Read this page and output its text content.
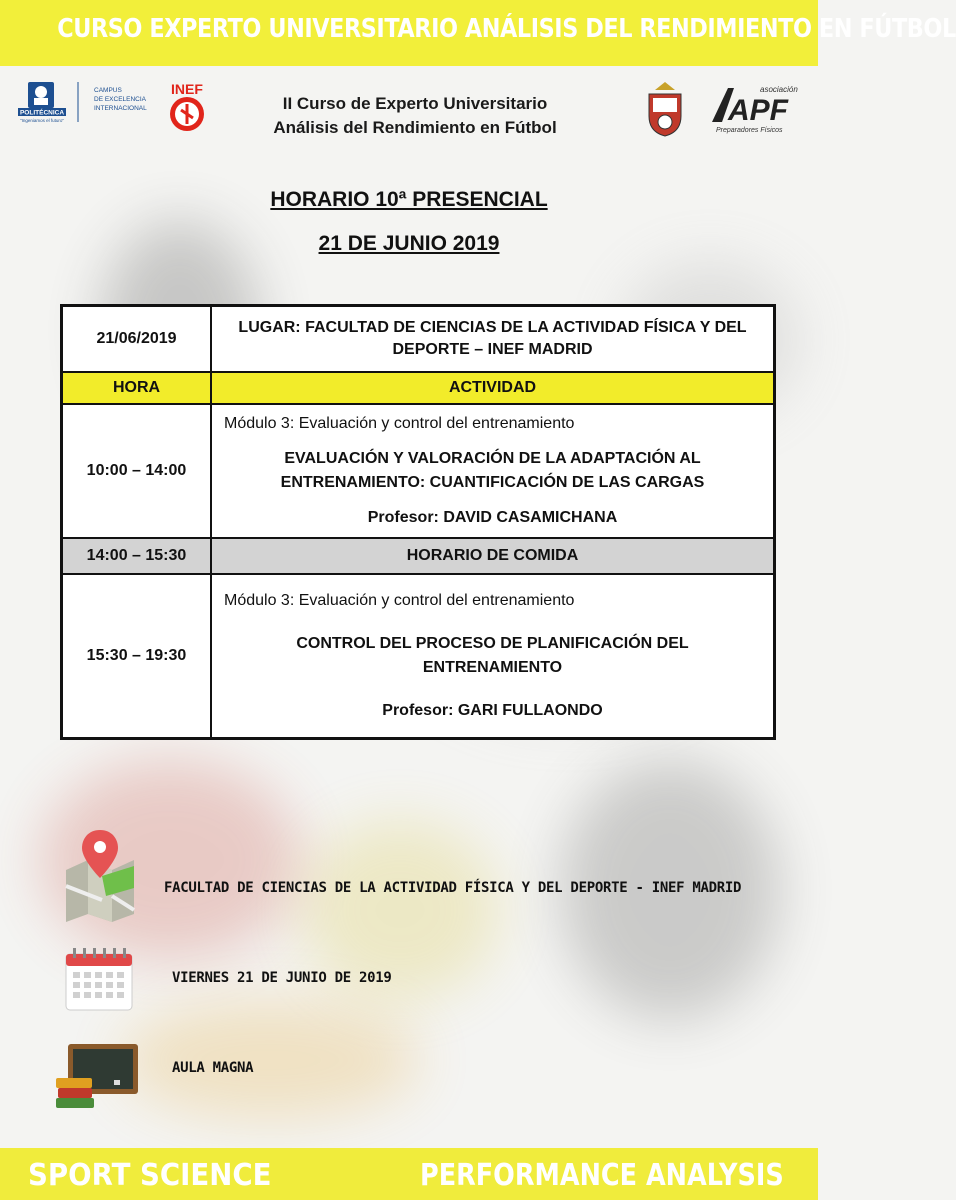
CURSO EXPERTO UNIVERSITARIO ANÁLISIS DEL RENDIMIENTO EN FÚTBOL
POLITÉCNICA
"Ingeniamos el futuro"
CAMPUS
DE EXCELENCIA
INTERNACIONAL
INEF
II Curso de Experto Universitario
Análisis del Rendimiento en Fútbol
asociación
APF
Preparadores Físicos
HORARIO 10ª PRESENCIAL
21 DE JUNIO 2019
21/06/2019	LUGAR: FACULTAD DE CIENCIAS DE LA ACTIVIDAD FÍSICA Y DEL DEPORTE – INEF MADRID

HORA	ACTIVIDAD
10:00 – 14:00	Módulo 3: Evaluación y control del entrenamiento
EVALUACIÓN Y VALORACIÓN DE LA ADAPTACIÓN AL
ENTRENAMIENTO: CUANTIFICACIÓN DE LAS CARGAS
Profesor: DAVID CASAMICHANA

14:00 – 15:30	HORARIO DE COMIDA
15:30 – 19:30	Módulo 3: Evaluación y control del entrenamiento
CONTROL DEL PROCESO DE PLANIFICACIÓN DEL
ENTRENAMIENTO
Profesor: GARI FULLAONDO
FACULTAD DE CIENCIAS DE LA ACTIVIDAD FÍSICA Y DEL DEPORTE - INEF MADRID
VIERNES 21 DE JUNIO DE 2019
AULA MAGNA
SPORT SCIENCE	PERFORMANCE ANALYSIS
